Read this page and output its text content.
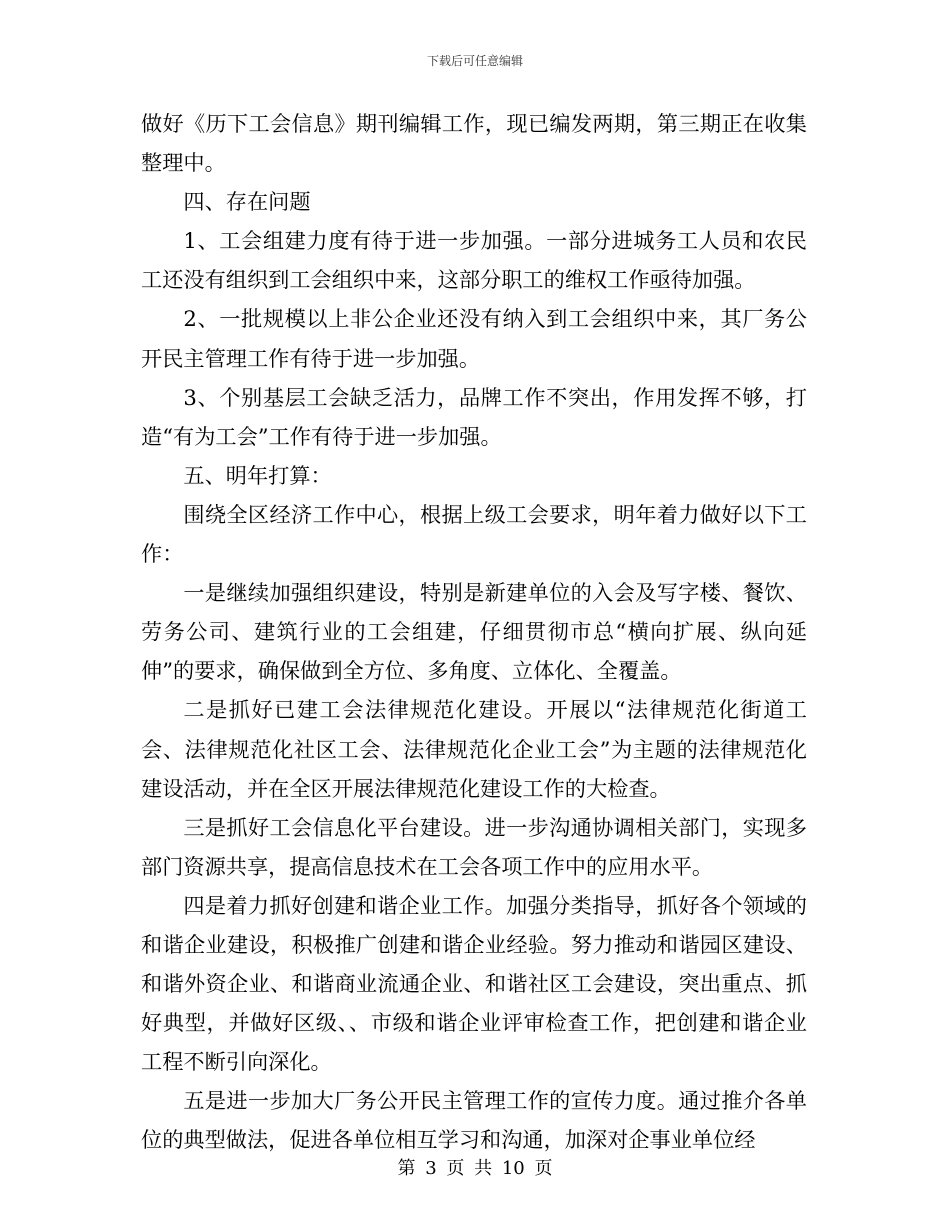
下载后可任意编辑

做好《历下工会信息》期刊编辑工作，现已编发两期，第三期正在收集整理中。

四、存在问题

1、工会组建力度有待于进一步加强。一部分进城务工人员和农民工还没有组织到工会组织中来，这部分职工的维权工作亟待加强。

2、一批规模以上非公企业还没有纳入到工会组织中来，其厂务公开民主管理工作有待于进一步加强。

3、个别基层工会缺乏活力，品牌工作不突出，作用发挥不够，打造“有为工会”工作有待于进一步加强。

五、明年打算：

围绕全区经济工作中心，根据上级工会要求，明年着力做好以下工作：

一是继续加强组织建设，特别是新建单位的入会及写字楼、餐饮、劳务公司、建筑行业的工会组建，仔细贯彻市总“横向扩展、纵向延伸”的要求，确保做到全方位、多角度、立体化、全覆盖。

二是抓好已建工会法律规范化建设。开展以“法律规范化街道工会、法律规范化社区工会、法律规范化企业工会”为主题的法律规范化建设活动，并在全区开展法律规范化建设工作的大检查。

三是抓好工会信息化平台建设。进一步沟通协调相关部门，实现多部门资源共享，提高信息技术在工会各项工作中的应用水平。

四是着力抓好创建和谐企业工作。加强分类指导，抓好各个领域的和谐企业建设，积极推广创建和谐企业经验。努力推动和谐园区建设、和谐外资企业、和谐商业流通企业、和谐社区工会建设，突出重点、抓好典型，并做好区级、、市级和谐企业评审检查工作，把创建和谐企业工程不断引向深化。

五是进一步加大厂务公开民主管理工作的宣传力度。通过推介各单位的典型做法，促进各单位相互学习和沟通，加深对企事业单位经

第 3 页 共 10 页
